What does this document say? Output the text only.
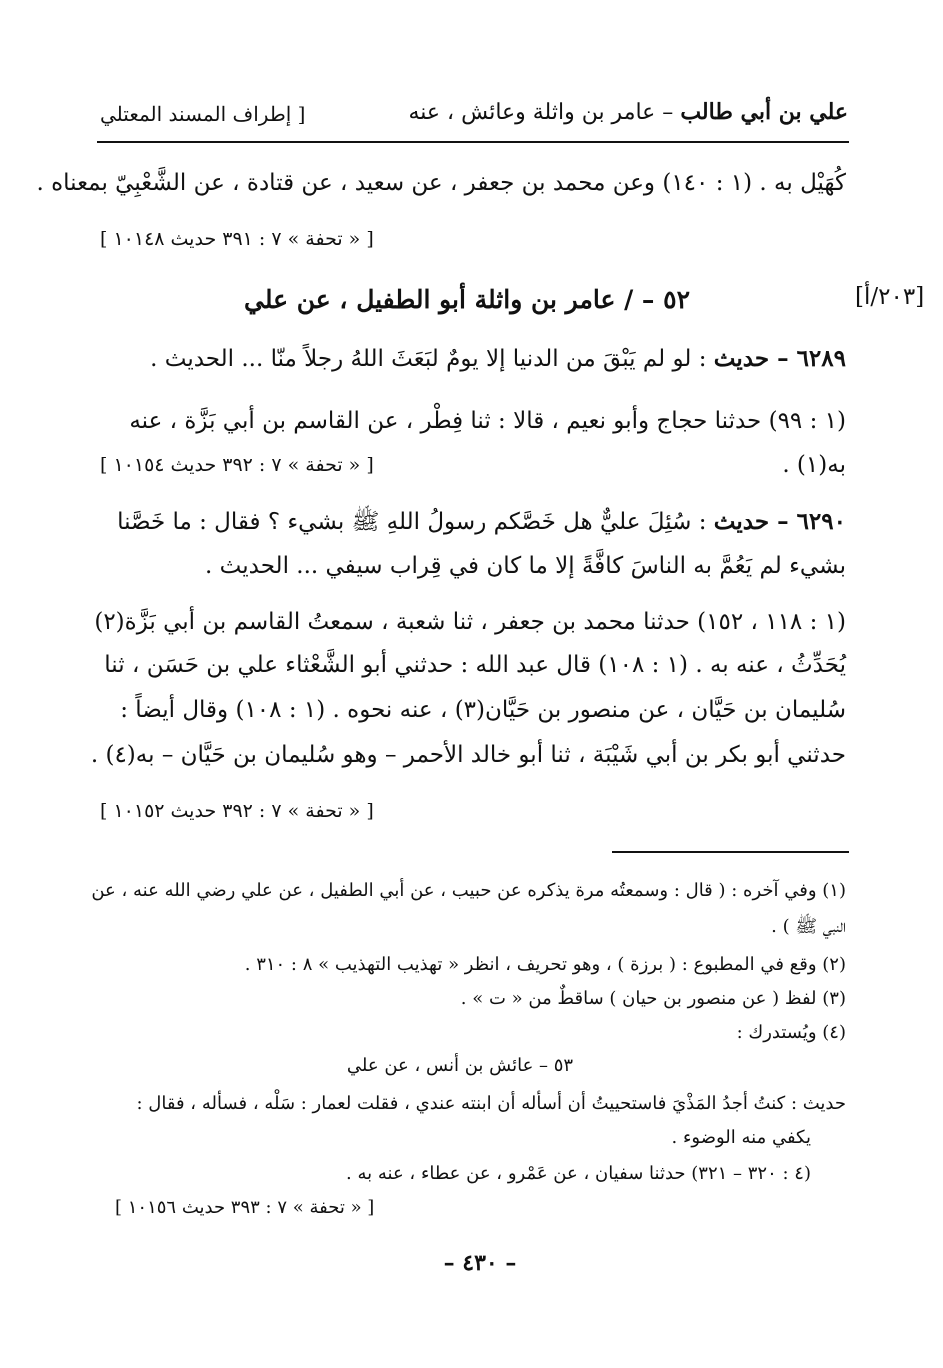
علي بن أبي طالب – عامر بن واثلة وعائش ، عنه
[ إطراف المسند المعتلي
كُهَيْل به . (١ : ١٤٠) وعن محمد بن جعفر ، عن سعيد ، عن قتادة ، عن الشَّعْبِيّ بمعناه .
[ « تحفة » ٧ : ٣٩١ حديث ١٠١٤٨ ]
[٢٠٣/أ]
٥٢ – / عامر بن واثلة أبو الطفيل ، عن علي
٦٢٨٩ – حديث : لو لم يَبْقَ من الدنيا إلا يومٌ لبَعَثَ اللهُ رجلاً منّا ... الحديث .
(١ : ٩٩) حدثنا حجاج وأبو نعيم ، قالا : ثنا فِطْر ، عن القاسم بن أبي بَزَّة ، عنه
به(١) .
[ « تحفة » ٧ : ٣٩٢ حديث ١٠١٥٤ ]
٦٢٩٠ – حديث : سُئِلَ عليٌّ هل خَصَّكم رسولُ اللهِ ﷺ بشيء ؟ فقال : ما خَصَّنا
بشيء لم يَعُمَّ به الناسَ كافَّةً إلا ما كان في قِراب سيفي ... الحديث .
(١ : ١١٨ ، ١٥٢) حدثنا محمد بن جعفر ، ثنا شعبة ، سمعتُ القاسم بن أبي بَزَّة(٢)
يُحَدِّثُ ، عنه به . (١ : ١٠٨) قال عبد الله : حدثني أبو الشَّعْثاء علي بن حَسَن ، ثنا
سُليمان بن حَيَّان ، عن منصور بن حَيَّان(٣) ، عنه نحوه . (١ : ١٠٨) وقال أيضاً :
حدثني أبو بكر بن أبي شَيْبَة ، ثنا أبو خالد الأحمر – وهو سُليمان بن حَيَّان – به(٤) .
[ « تحفة » ٧ : ٣٩٢ حديث ١٠١٥٢ ]
(١) وفي آخره : ( قال : وسمعتُه مرة يذكره عن حبيب ، عن أبي الطفيل ، عن علي رضي الله عنه ، عن
النبي ﷺ ) .
(٢) وقع في المطبوع : ( برزة ) ، وهو تحريف ، انظر « تهذيب التهذيب » ٨ : ٣١٠ .
(٣) لفظ ( عن منصور بن حيان ) ساقطٌ من « ت » .
(٤) ويُستدرك :
٥٣ – عائش بن أنس ، عن علي
حديث : كنتُ أجدُ المَذْيَ فاستحييتُ أن أسأله أن ابنته عندي ، فقلت لعمار : سَلْه ، فسأله ، فقال :
يكفي منه الوضوء .
(٤ : ٣٢٠ – ٣٢١) حدثنا سفيان ، عن عَمْرو ، عن عطاء ، عنه به .
[ « تحفة » ٧ : ٣٩٣ حديث ١٠١٥٦ ]
– ٤٣٠ –
